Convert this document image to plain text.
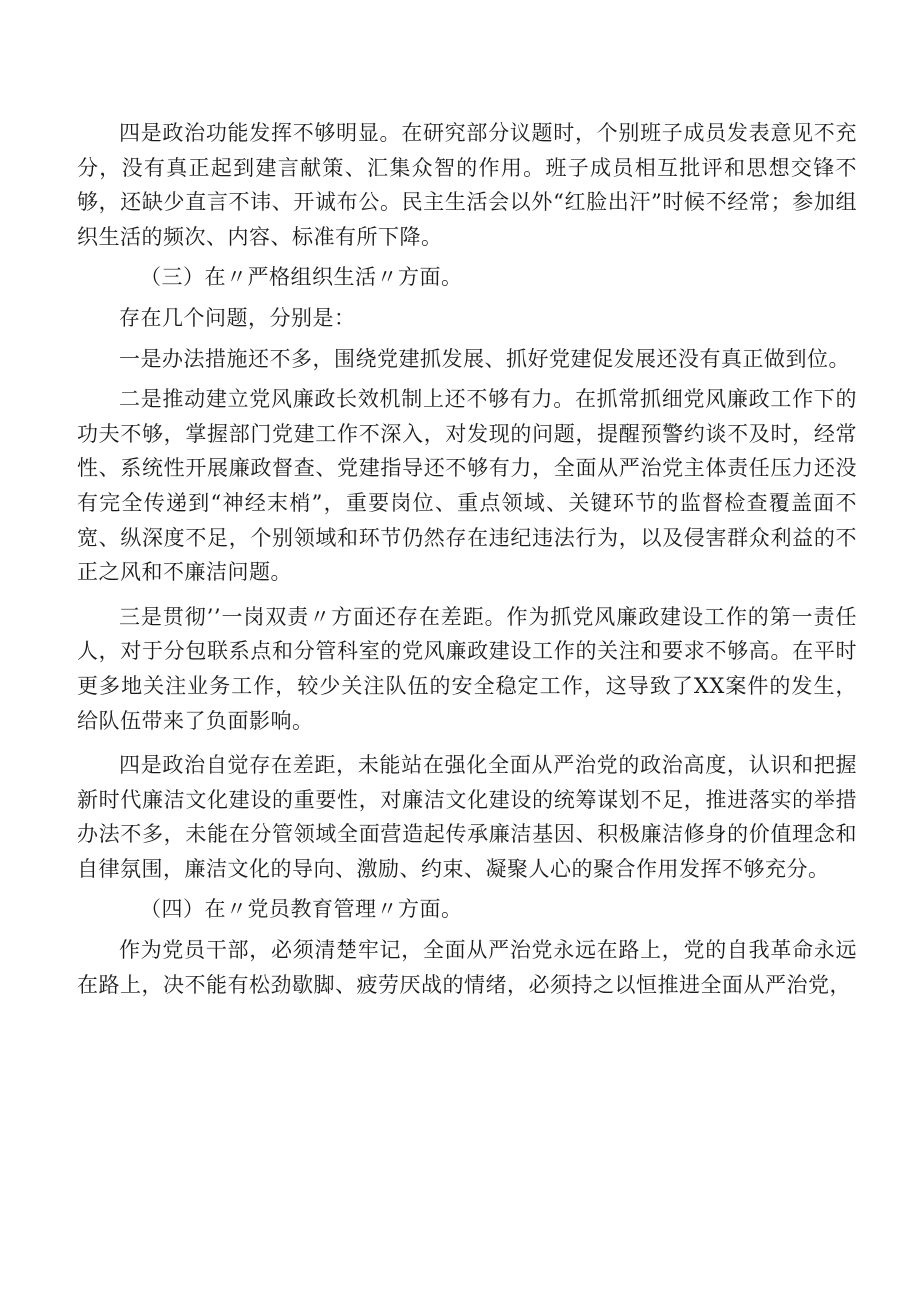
四是政治功能发挥不够明显。在研究部分议题时，个别班子成员发表意见不充分，没有真正起到建言献策、汇集众智的作用。班子成员相互批评和思想交锋不够，还缺少直言不讳、开诚布公。民主生活会以外“红脸出汗”时候不经常；参加组织生活的频次、内容、标准有所下降。

（三）在〃严格组织生活〃方面。

存在几个问题，分别是：

一是办法措施还不多，围绕党建抓发展、抓好党建促发展还没有真正做到位。

二是推动建立党风廉政长效机制上还不够有力。在抓常抓细党风廉政工作下的功夫不够，掌握部门党建工作不深入，对发现的问题，提醒预警约谈不及时，经常性、系统性开展廉政督查、党建指导还不够有力，全面从严治党主体责任压力还没有完全传递到“神经末梢”，重要岗位、重点领域、关键环节的监督检查覆盖面不宽、纵深度不足，个别领域和环节仍然存在违纪违法行为，以及侵害群众利益的不正之风和不廉洁问题。

三是贯彻’’一岗双责〃方面还存在差距。作为抓党风廉政建设工作的第一责任人，对于分包联系点和分管科室的党风廉政建设工作的关注和要求不够高。在平时更多地关注业务工作，较少关注队伍的安全稳定工作，这导致了XX案件的发生，给队伍带来了负面影响。

四是政治自觉存在差距，未能站在强化全面从严治党的政治高度，认识和把握新时代廉洁文化建设的重要性，对廉洁文化建设的统筹谋划不足，推进落实的举措办法不多，未能在分管领域全面营造起传承廉洁基因、积极廉洁修身的价值理念和自律氛围，廉洁文化的导向、激励、约束、凝聚人心的聚合作用发挥不够充分。

（四）在〃党员教育管理〃方面。

作为党员干部，必须清楚牢记，全面从严治党永远在路上，党的自我革命永远在路上，决不能有松劲歇脚、疲劳厌战的情绪，必须持之以恒推进全面从严治党，
